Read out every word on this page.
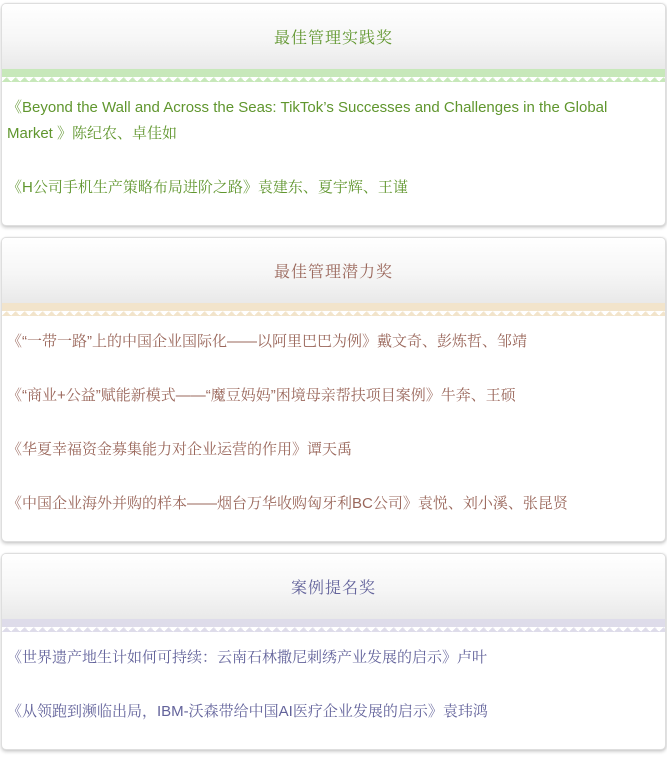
最佳管理实践奖

《Beyond the Wall and Across the Seas: TikTok’s Successes and Challenges in the Global Market 》陈纪农、卓佳如

《H公司手机生产策略布局进阶之路》袁建东、夏宇辉、王谨

最佳管理潜力奖

《“一带一路”上的中国企业国际化——以阿里巴巴为例》戴文奇、彭炼哲、邹靖

《“商业+公益”赋能新模式——“魔豆妈妈”困境母亲帮扶项目案例》牛奔、王硕

《华夏幸福资金募集能力对企业运营的作用》谭天禹

《中国企业海外并购的样本——烟台万华收购匈牙利BC公司》袁悦、刘小溪、张昆贤

案例提名奖

《世界遗产地生计如何可持续：云南石林撒尼刺绣产业发展的启示》卢叶

《从领跑到濒临出局，IBM-沃森带给中国AI医疗企业发展的启示》袁玮鸿
